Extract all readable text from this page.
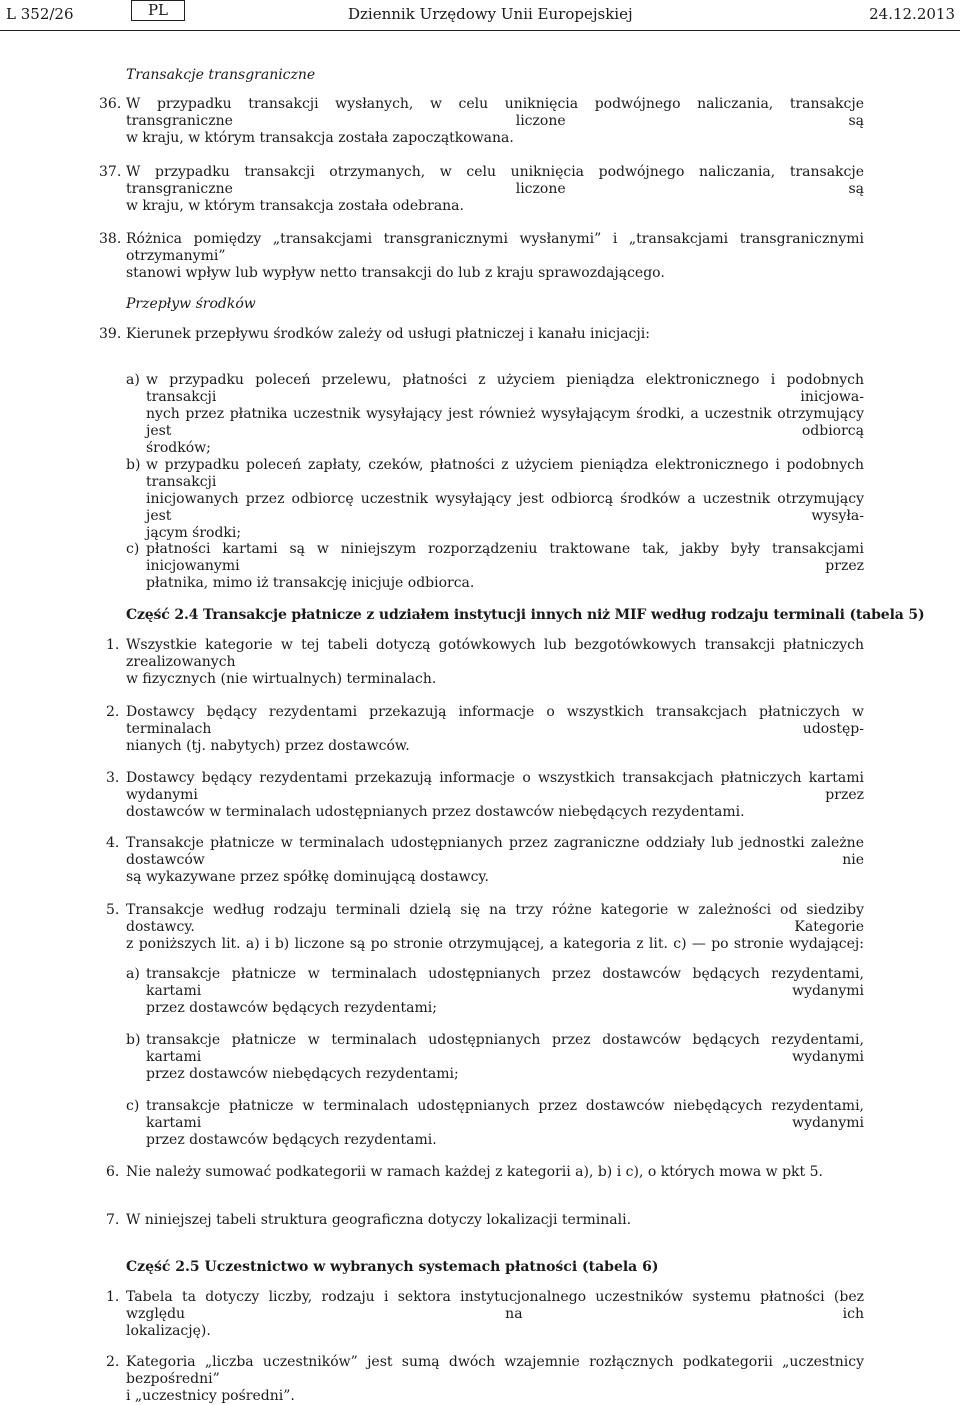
L 352/26	PL	Dziennik Urzędowy Unii Europejskiej	24.12.2013
Transakcje transgraniczne
36. W przypadku transakcji wysłanych, w celu uniknięcia podwójnego naliczania, transakcje transgraniczne liczone są
w kraju, w którym transakcja została zapoczątkowana.
37. W przypadku transakcji otrzymanych, w celu uniknięcia podwójnego naliczania, transakcje transgraniczne liczone są
w kraju, w którym transakcja została odebrana.
38. Różnica pomiędzy „transakcjami transgranicznymi wysłanymi” i „transakcjami transgranicznymi otrzymanymi”
stanowi wpływ lub wypływ netto transakcji do lub z kraju sprawozdającego.
Przepływ środków
39. Kierunek przepływu środków zależy od usługi płatniczej i kanału inicjacji:
a) w przypadku poleceń przelewu, płatności z użyciem pieniądza elektronicznego i podobnych transakcji inicjowa-
nych przez płatnika uczestnik wysyłający jest również wysyłającym środki, a uczestnik otrzymujący jest odbiorcą
środków;
b) w przypadku poleceń zapłaty, czeków, płatności z użyciem pieniądza elektronicznego i podobnych transakcji
inicjowanych przez odbiorcę uczestnik wysyłający jest odbiorcą środków a uczestnik otrzymujący jest wysyła-
jącym środki;
c) płatności kartami są w niniejszym rozporządzeniu traktowane tak, jakby były transakcjami inicjowanymi przez
płatnika, mimo iż transakcję inicjuje odbiorca.
Część 2.4 Transakcje płatnicze z udziałem instytucji innych niż MIF według rodzaju terminali (tabela 5)
1. Wszystkie kategorie w tej tabeli dotyczą gotówkowych lub bezgotówkowych transakcji płatniczych zrealizowanych
w fizycznych (nie wirtualnych) terminalach.
2. Dostawcy będący rezydentami przekazują informacje o wszystkich transakcjach płatniczych w terminalach udostęp-
nianych (tj. nabytych) przez dostawców.
3. Dostawcy będący rezydentami przekazują informacje o wszystkich transakcjach płatniczych kartami wydanymi przez
dostawców w terminalach udostępnianych przez dostawców niebędących rezydentami.
4. Transakcje płatnicze w terminalach udostępnianych przez zagraniczne oddziały lub jednostki zależne dostawców nie
są wykazywane przez spółkę dominującą dostawcy.
5. Transakcje według rodzaju terminali dzielą się na trzy różne kategorie w zależności od siedziby dostawcy. Kategorie
z poniższych lit. a) i b) liczone są po stronie otrzymującej, a kategoria z lit. c) — po stronie wydającej:
a) transakcje płatnicze w terminalach udostępnianych przez dostawców będących rezydentami, kartami wydanymi
przez dostawców będących rezydentami;
b) transakcje płatnicze w terminalach udostępnianych przez dostawców będących rezydentami, kartami wydanymi
przez dostawców niebędących rezydentami;
c) transakcje płatnicze w terminalach udostępnianych przez dostawców niebędących rezydentami, kartami wydanymi
przez dostawców będących rezydentami.
6. Nie należy sumować podkategorii w ramach każdej z kategorii a), b) i c), o których mowa w pkt 5.
7. W niniejszej tabeli struktura geograficzna dotyczy lokalizacji terminali.
Część 2.5 Uczestnictwo w wybranych systemach płatności (tabela 6)
1. Tabela ta dotyczy liczby, rodzaju i sektora instytucjonalnego uczestników systemu płatności (bez względu na ich
lokalizację).
2. Kategoria „liczba uczestników” jest sumą dwóch wzajemnie rozłącznych podkategorii „uczestnicy bezpośredni”
i „uczestnicy pośredni”.
